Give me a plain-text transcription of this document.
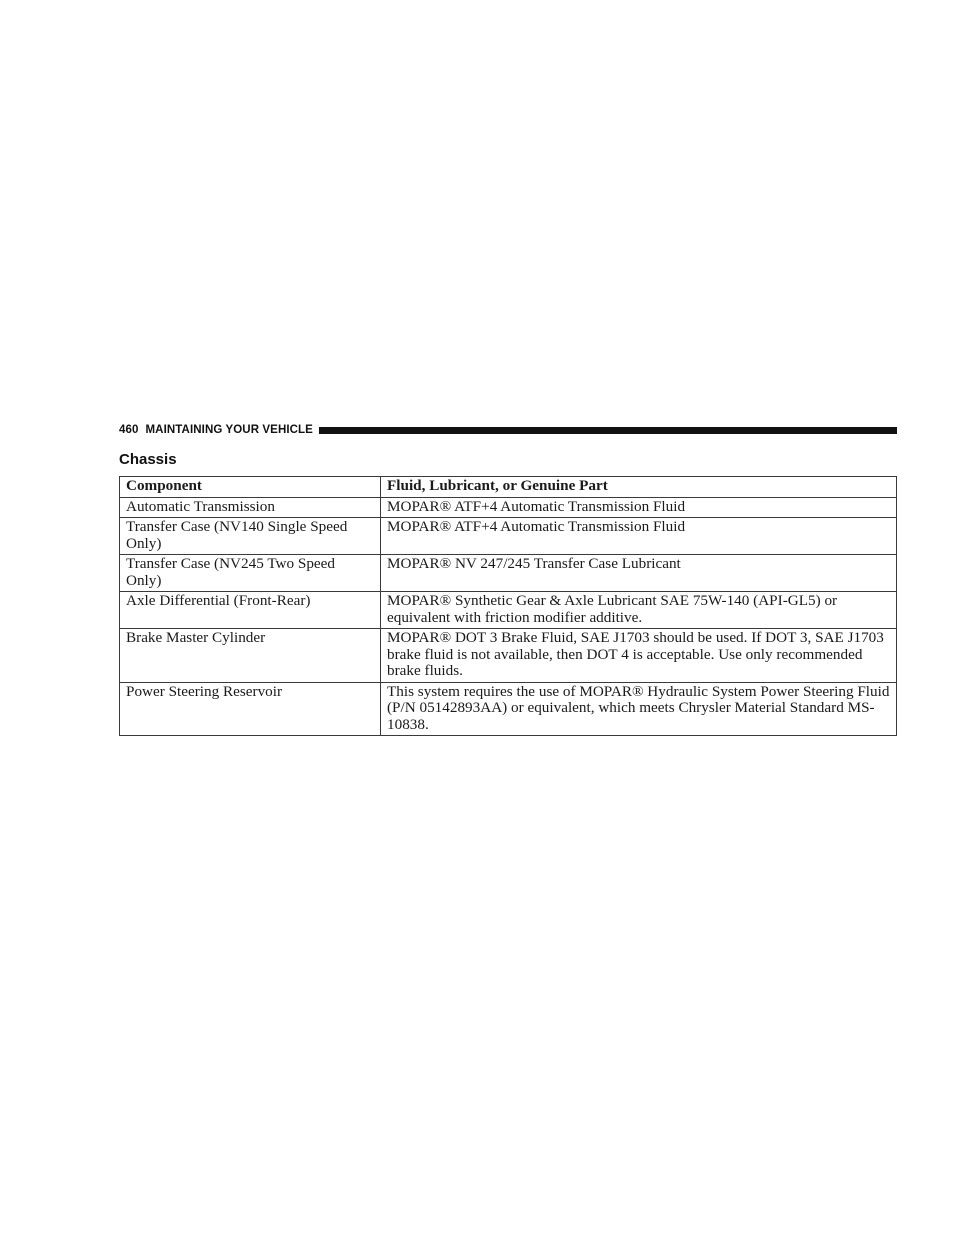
460 MAINTAINING YOUR VEHICLE
Chassis
Component	Fluid, Lubricant, or Genuine Part
Automatic Transmission	MOPAR® ATF+4 Automatic Transmission Fluid
Transfer Case (NV140 Single Speed Only)	MOPAR® ATF+4 Automatic Transmission Fluid
Transfer Case (NV245 Two Speed Only)	MOPAR® NV 247/245 Transfer Case Lubricant
Axle Differential (Front-Rear)	MOPAR® Synthetic Gear & Axle Lubricant SAE 75W-140 (API-GL5) or equivalent with friction modifier additive.
Brake Master Cylinder	MOPAR® DOT 3 Brake Fluid, SAE J1703 should be used. If DOT 3, SAE J1703 brake fluid is not available, then DOT 4 is acceptable. Use only recommended brake fluids.
Power Steering Reservoir	This system requires the use of MOPAR® Hydraulic System Power Steering Fluid (P/N 05142893AA) or equivalent, which meets Chrysler Material Standard MS-10838.
